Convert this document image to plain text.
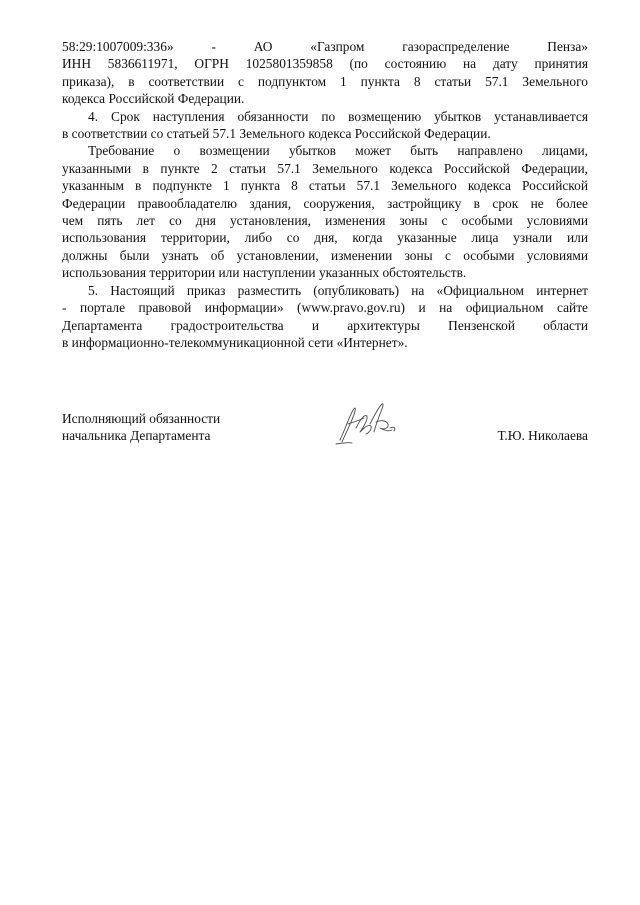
58:29:1007009:336» - АО «Газпром газораспределение Пенза»
ИНН 5836611971, ОГРН 1025801359858 (по состоянию на дату принятия
приказа), в соответствии с подпунктом 1 пункта 8 статьи 57.1 Земельного
кодекса Российской Федерации.

4. Срок наступления обязанности по возмещению убытков устанавливается
в соответствии со статьей 57.1 Земельного кодекса Российской Федерации.

Требование о возмещении убытков может быть направлено лицами,
указанными в пункте 2 статьи 57.1 Земельного кодекса Российской Федерации,
указанным в подпункте 1 пункта 8 статьи 57.1 Земельного кодекса Российской
Федерации правообладателю здания, сооружения, застройщику в срок не более
чем пять лет со дня установления, изменения зоны с особыми условиями
использования территории, либо со дня, когда указанные лица узнали или
должны были узнать об установлении, изменении зоны с особыми условиями
использования территории или наступлении указанных обстоятельств.

5. Настоящий приказ разместить (опубликовать) на «Официальном интернет
- портале правовой информации» (www.pravo.gov.ru) и на официальном сайте
Департамента градостроительства и архитектуры Пензенской области
в информационно-телекоммуникационной сети «Интернет».

Исполняющий обязанности
начальника Департамента	Т.Ю. Николаева
